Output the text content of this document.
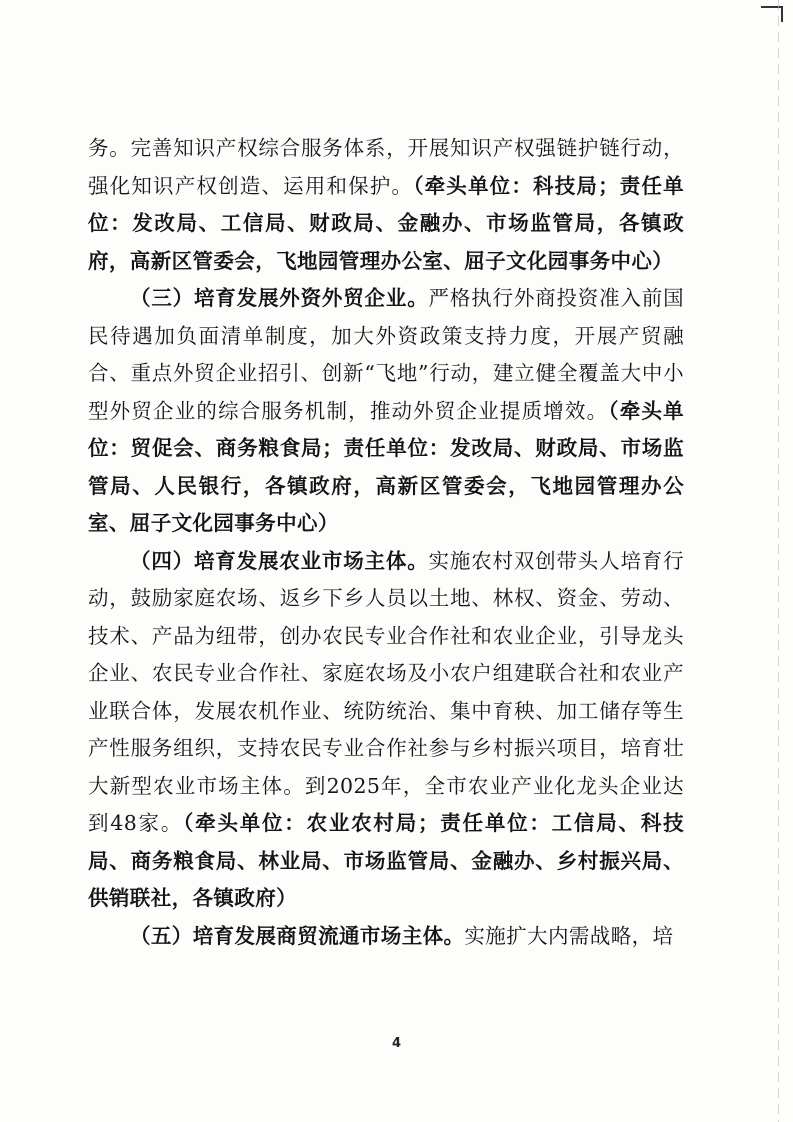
务。完善知识产权综合服务体系，开展知识产权强链护链行动，强化知识产权创造、运用和保护。（牵头单位：科技局；责任单位：发改局、工信局、财政局、金融办、市场监管局，各镇政府，高新区管委会，飞地园管理办公室、屈子文化园事务中心）

（三）培育发展外资外贸企业。严格执行外商投资准入前国民待遇加负面清单制度，加大外资政策支持力度，开展产贸融合、重点外贸企业招引、创新“飞地”行动，建立健全覆盖大中小型外贸企业的综合服务机制，推动外贸企业提质增效。（牵头单位：贸促会、商务粮食局；责任单位：发改局、财政局、市场监管局、人民银行，各镇政府，高新区管委会，飞地园管理办公室、屈子文化园事务中心）

（四）培育发展农业市场主体。实施农村双创带头人培育行动，鼓励家庭农场、返乡下乡人员以土地、林权、资金、劳动、技术、产品为纽带，创办农民专业合作社和农业企业，引导龙头企业、农民专业合作社、家庭农场及小农户组建联合社和农业产业联合体，发展农机作业、统防统治、集中育秧、加工储存等生产性服务组织，支持农民专业合作社参与乡村振兴项目，培育壮大新型农业市场主体。到2025年，全市农业产业化龙头企业达到48家。（牵头单位：农业农村局；责任单位：工信局、科技局、商务粮食局、林业局、市场监管局、金融办、乡村振兴局、供销联社，各镇政府）

（五）培育发展商贸流通市场主体。实施扩大内需战略，培

4
